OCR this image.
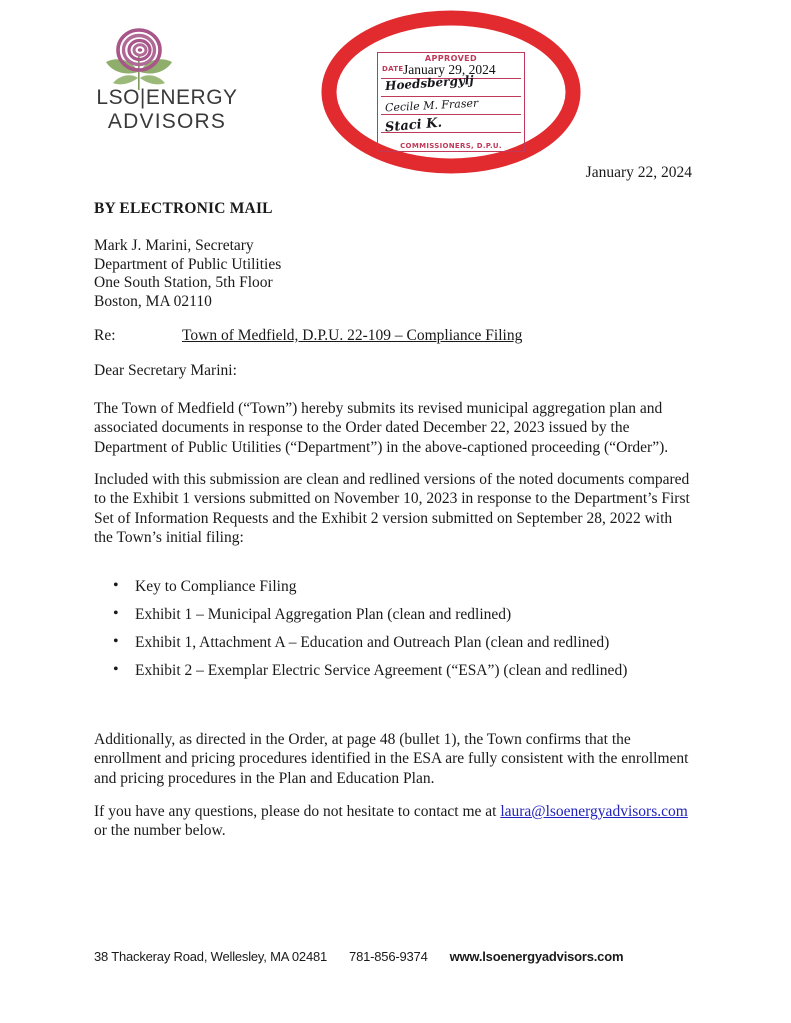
LSO|ENERGY
ADVISORS
APPROVED
DATE
COMMISSIONERS, D.P.U.
January 29, 2024
Hoedsbergylj
Cecile M. Fraser
Staci K.
January 22, 2024
BY ELECTRONIC MAIL
Mark J. Marini, Secretary
Department of Public Utilities
One South Station, 5th Floor
Boston, MA 02110
Re:	Town of Medfield, D.P.U. 22-109 – Compliance Filing
Dear Secretary Marini:
The Town of Medfield (“Town”) hereby submits its revised municipal aggregation plan and associated documents in response to the Order dated December 22, 2023 issued by the Department of Public Utilities (“Department”) in the above-captioned proceeding (“Order”).
Included with this submission are clean and redlined versions of the noted documents compared to the Exhibit 1 versions submitted on November 10, 2023 in response to the Department’s First Set of Information Requests and the Exhibit 2 version submitted on September 28, 2022 with the Town’s initial filing:
• Key to Compliance Filing
• Exhibit 1 – Municipal Aggregation Plan (clean and redlined)
• Exhibit 1, Attachment A – Education and Outreach Plan (clean and redlined)
• Exhibit 2 – Exemplar Electric Service Agreement (“ESA”) (clean and redlined)
Additionally, as directed in the Order, at page 48 (bullet 1), the Town confirms that the enrollment and pricing procedures identified in the ESA are fully consistent with the enrollment and pricing procedures in the Plan and Education Plan.
If you have any questions, please do not hesitate to contact me at laura@lsoenergyadvisors.com or the number below.
38 Thackeray Road, Wellesley, MA 02481 781-856-9374 www.lsoenergyadvisors.com
